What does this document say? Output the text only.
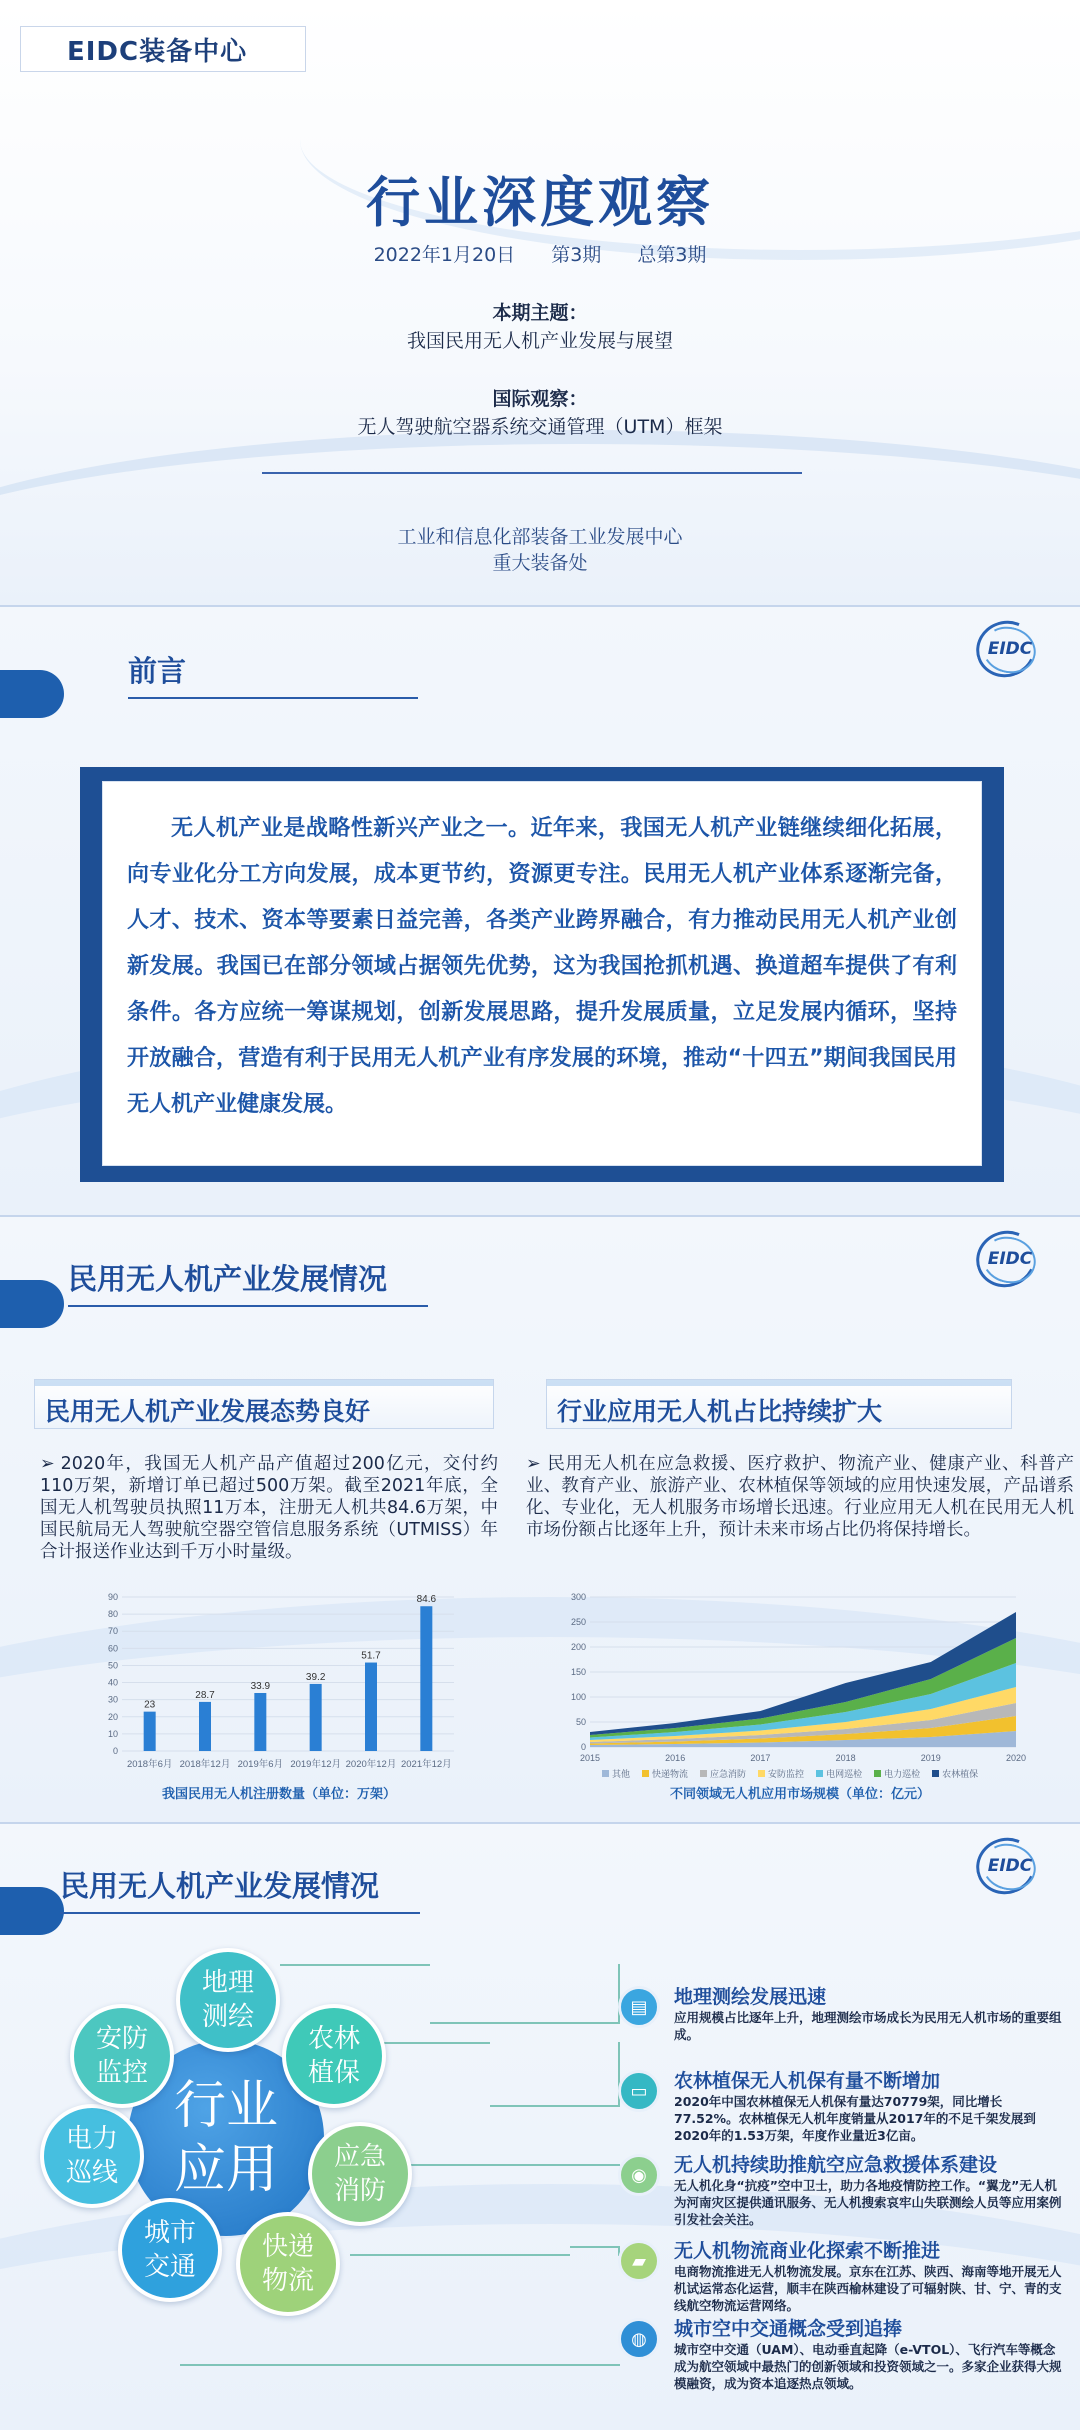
EIDC装备中心
行业深度观察
2022年1月20日 第3期 总第3期
本期主题：
我国民用无人机产业发展与展望
国际观察：
无人驾驶航空器系统交通管理（UTM）框架
工业和信息化部装备工业发展中心
重大装备处
前言
EIDC

无人机产业是战略性新兴产业之一。近年来，我国无人机产业链继续细化拓展，向专业化分工方向发展，成本更节约，资源更专注。民用无人机产业体系逐渐完备，人才、技术、资本等要素日益完善，各类产业跨界融合，有力推动民用无人机产业创新发展。我国已在部分领域占据领先优势，这为我国抢抓机遇、换道超车提供了有利条件。各方应统一筹谋规划，创新发展思路，提升发展质量，立足发展内循环，坚持开放融合，营造有利于民用无人机产业有序发展的环境，推动“十四五”期间我国民用无人机产业健康发展。

民用无人机产业发展情况
EIDC
民用无人机产业发展态势良好	行业应用无人机占比持续扩大
➢ 2020年，我国无人机产品产值超过200亿元，交付约110万架，新增订单已超过500万架。截至2021年底，全国无人机驾驶员执照11万本，注册无人机共84.6万架，中国民航局无人驾驶航空器空管信息服务系统（UTMISS）年合计报送作业达到千万小时量级。
➢ 民用无人机在应急救援、医疗救护、物流产业、健康产业、科普产业、教育产业、旅游产业、农林植保等领域的应用快速发展，产品谱系化、专业化，无人机服务市场增长迅速。行业应用无人机在民用无人机市场份额占比逐年上升，预计未来市场占比仍将保持增长。
0
10
20
30
40
50
60
70
80
90
23
2018年6月
28.7
2018年12月
33.9
2019年6月
39.2
2019年12月
51.7
2020年12月
84.6
2021年12月
我国民用无人机注册数量（单位：万架）
0
50
100
150
200
250
300
2015	2016	2017	2018	2019	2020
其他 快递物流 应急消防 安防监控 电网巡检 电力巡检 农林植保
不同领域无人机应用市场规模（单位：亿元）
民用无人机产业发展情况
EIDC
行业
应用
地理
测绘
农林
植保
应急
消防
快递
物流
城市
交通
电力
巡线
安防
监控
▤ 地理测绘发展迅速
应用规模占比逐年上升，地理测绘市场成长为民用无人机市场的重要组成。
▭ 农林植保无人机保有量不断增加
2020年中国农林植保无人机保有量达70779架，同比增长77.52%。农林植保无人机年度销量从2017年的不足千架发展到2020年的1.53万架，年度作业量近3亿亩。
◉ 无人机持续助推航空应急救援体系建设
无人机化身“抗疫”空中卫士，助力各地疫情防控工作。“翼龙”无人机为河南灾区提供通讯服务、无人机搜索哀牢山失联测绘人员等应用案例引发社会关注。
▰ 无人机物流商业化探索不断推进
电商物流推进无人机物流发展。京东在江苏、陕西、海南等地开展无人机试运常态化运营，顺丰在陕西榆林建设了可辐射陕、甘、宁、青的支线航空物流运营网络。
◍ 城市空中交通概念受到追捧
城市空中交通（UAM）、电动垂直起降（e-VTOL）、飞行汽车等概念成为航空领域中最热门的创新领域和投资领域之一。多家企业获得大规模融资，成为资本追逐热点领域。
